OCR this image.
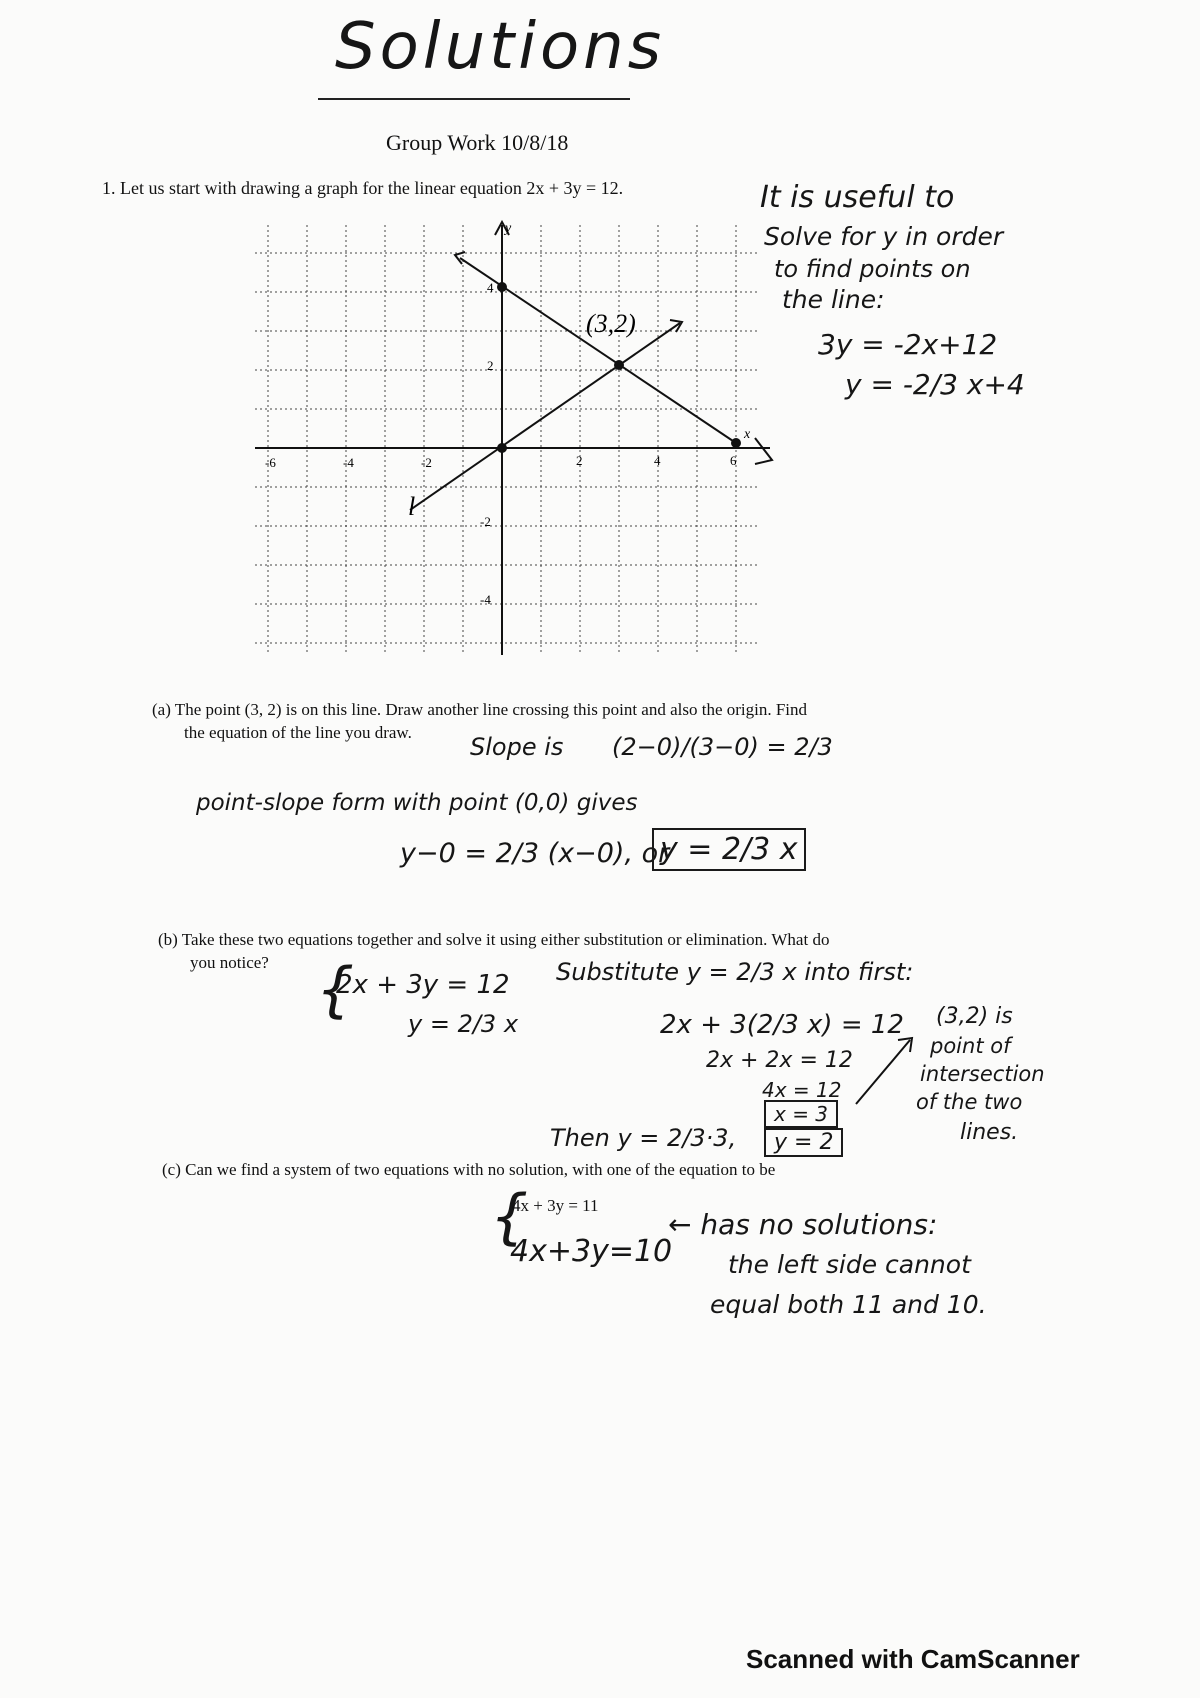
Solutions
Group Work 10/8/18
1. Let us start with drawing a graph for the linear equation 2x + 3y = 12.	It is useful to
Solve for y in order
to find points on
the line:
3y = -2x+12
y = -2/3 x+4
y
x
-6	-4	-2	2	4	6
4
2
-2
-4
(3,2)
l
(a) The point (3, 2) is on this line. Draw another line crossing this point and also the origin. Find
the equation of the line you draw.
Slope is (2−0)/(3−0) = 2/3
point-slope form with point (0,0) gives
y−0 = 2/3 (x−0), or
y = 2/3 x
(b) Take these two equations together and solve it using either substitution or elimination. What do
you notice? {
2x + 3y = 12
y = 2/3 x
Substitute y = 2/3 x into first:
2x + 3(2/3 x) = 12
2x + 2x = 12
4x = 12
x = 3
Then y = 2/3·3,	y = 2
(3,2) is
point of
intersection
of the two
lines.
(c) Can we find a system of two equations with no solution, with one of the equation to be
{
4x + 3y = 11
4x+3y=10
← has no solutions:
the left side cannot
equal both 11 and 10.
Scanned with CamScanner
